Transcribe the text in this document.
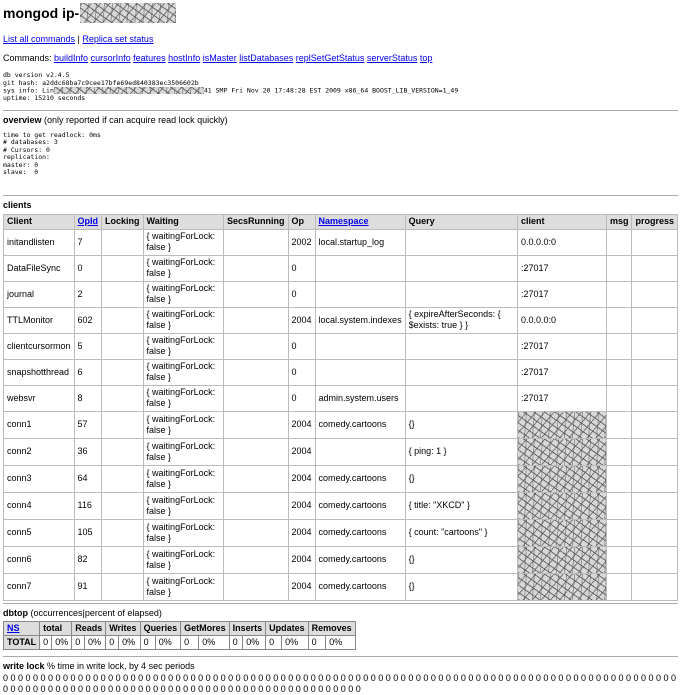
mongod ip-
List all commands | Replica set status
Commands: buildInfo cursorInfo features hostInfo isMaster listDatabases replSetGetStatus serverStatus top
db version v2.4.5
git hash: a2ddc68ba7c9cee17bfe69ed840383ec3506602b
sys info: Lin	41 SMP Fri Nov 20 17:48:28 EST 2009 x86_64 BOOST_LIB_VERSION=1_49
uptime: 15210 seconds
overview (only reported if can acquire read lock quickly)
time to get readlock: 0ms
# databases: 3
# Cursors: 0
replication:
master: 0
slave:  0
clients
Client	OpId	Locking	Waiting	SecsRunning	Op	Namespace	Query	client	msg	progress
initandlisten	7		{ waitingForLock: false }		2002	local.startup_log		0.0.0.0:0		
DataFileSync	0		{ waitingForLock: false }		0			:27017		
journal	2		{ waitingForLock: false }		0			:27017		
TTLMonitor	602		{ waitingForLock: false }		2004	local.system.indexes	{ expireAfterSeconds: { $exists: true } }	0.0.0.0:0		
clientcursormon	5		{ waitingForLock: false }		0			:27017		
snapshotthread	6		{ waitingForLock: false }		0			:27017		
websvr	8		{ waitingForLock: false }		0	admin.system.users		:27017		
conn1	57		{ waitingForLock: false }		2004	comedy.cartoons	{}	

conn2	36		{ waitingForLock: false }		2004		{ ping: 1 }	

conn3	64		{ waitingForLock: false }		2004	comedy.cartoons	{}	

conn4	116		{ waitingForLock: false }		2004	comedy.cartoons	{ title: "XKCD" }	

conn5	105		{ waitingForLock: false }		2004	comedy.cartoons	{ count: "cartoons" }	

conn6	82		{ waitingForLock: false }		2004	comedy.cartoons	{}	

conn7	91		{ waitingForLock: false }		2004	comedy.cartoons	{}	

dbtop (occurrences|percent of elapsed)
NS	total		Reads		Writes		Queries		GetMores		Inserts		Updates		Removes	
TOTAL	0	0%	0	0%	0	0%	0	0%	0	0%	0	0%	0	0%	0	0%
write lock % time in write lock, by 4 sec periods
0 0 0 0 0 0 0 0 0 0 0 0 0 0 0 0 0 0 0 0 0 0 0 0 0 0 0 0 0 0 0 0 0 0 0 0 0 0 0 0 0 0 0 0 0 0 0 0 0 0 0 0 0 0 0 0 0 0 0 0 0 0 0 0 0 0 0 0 0 0 0 0 0 0 0 0 0 0 0 0 0 0 0 0 0 0 0 0 0 0 0 0 0 0 0 0 0 0 0 0 0 0 0 0 0 0 0 0 0 0 0 0 0 0 0 0 0 0 0 0 0 0 0 0 0 0 0 0 0 0 0 0 0 0 0 0 0 0
